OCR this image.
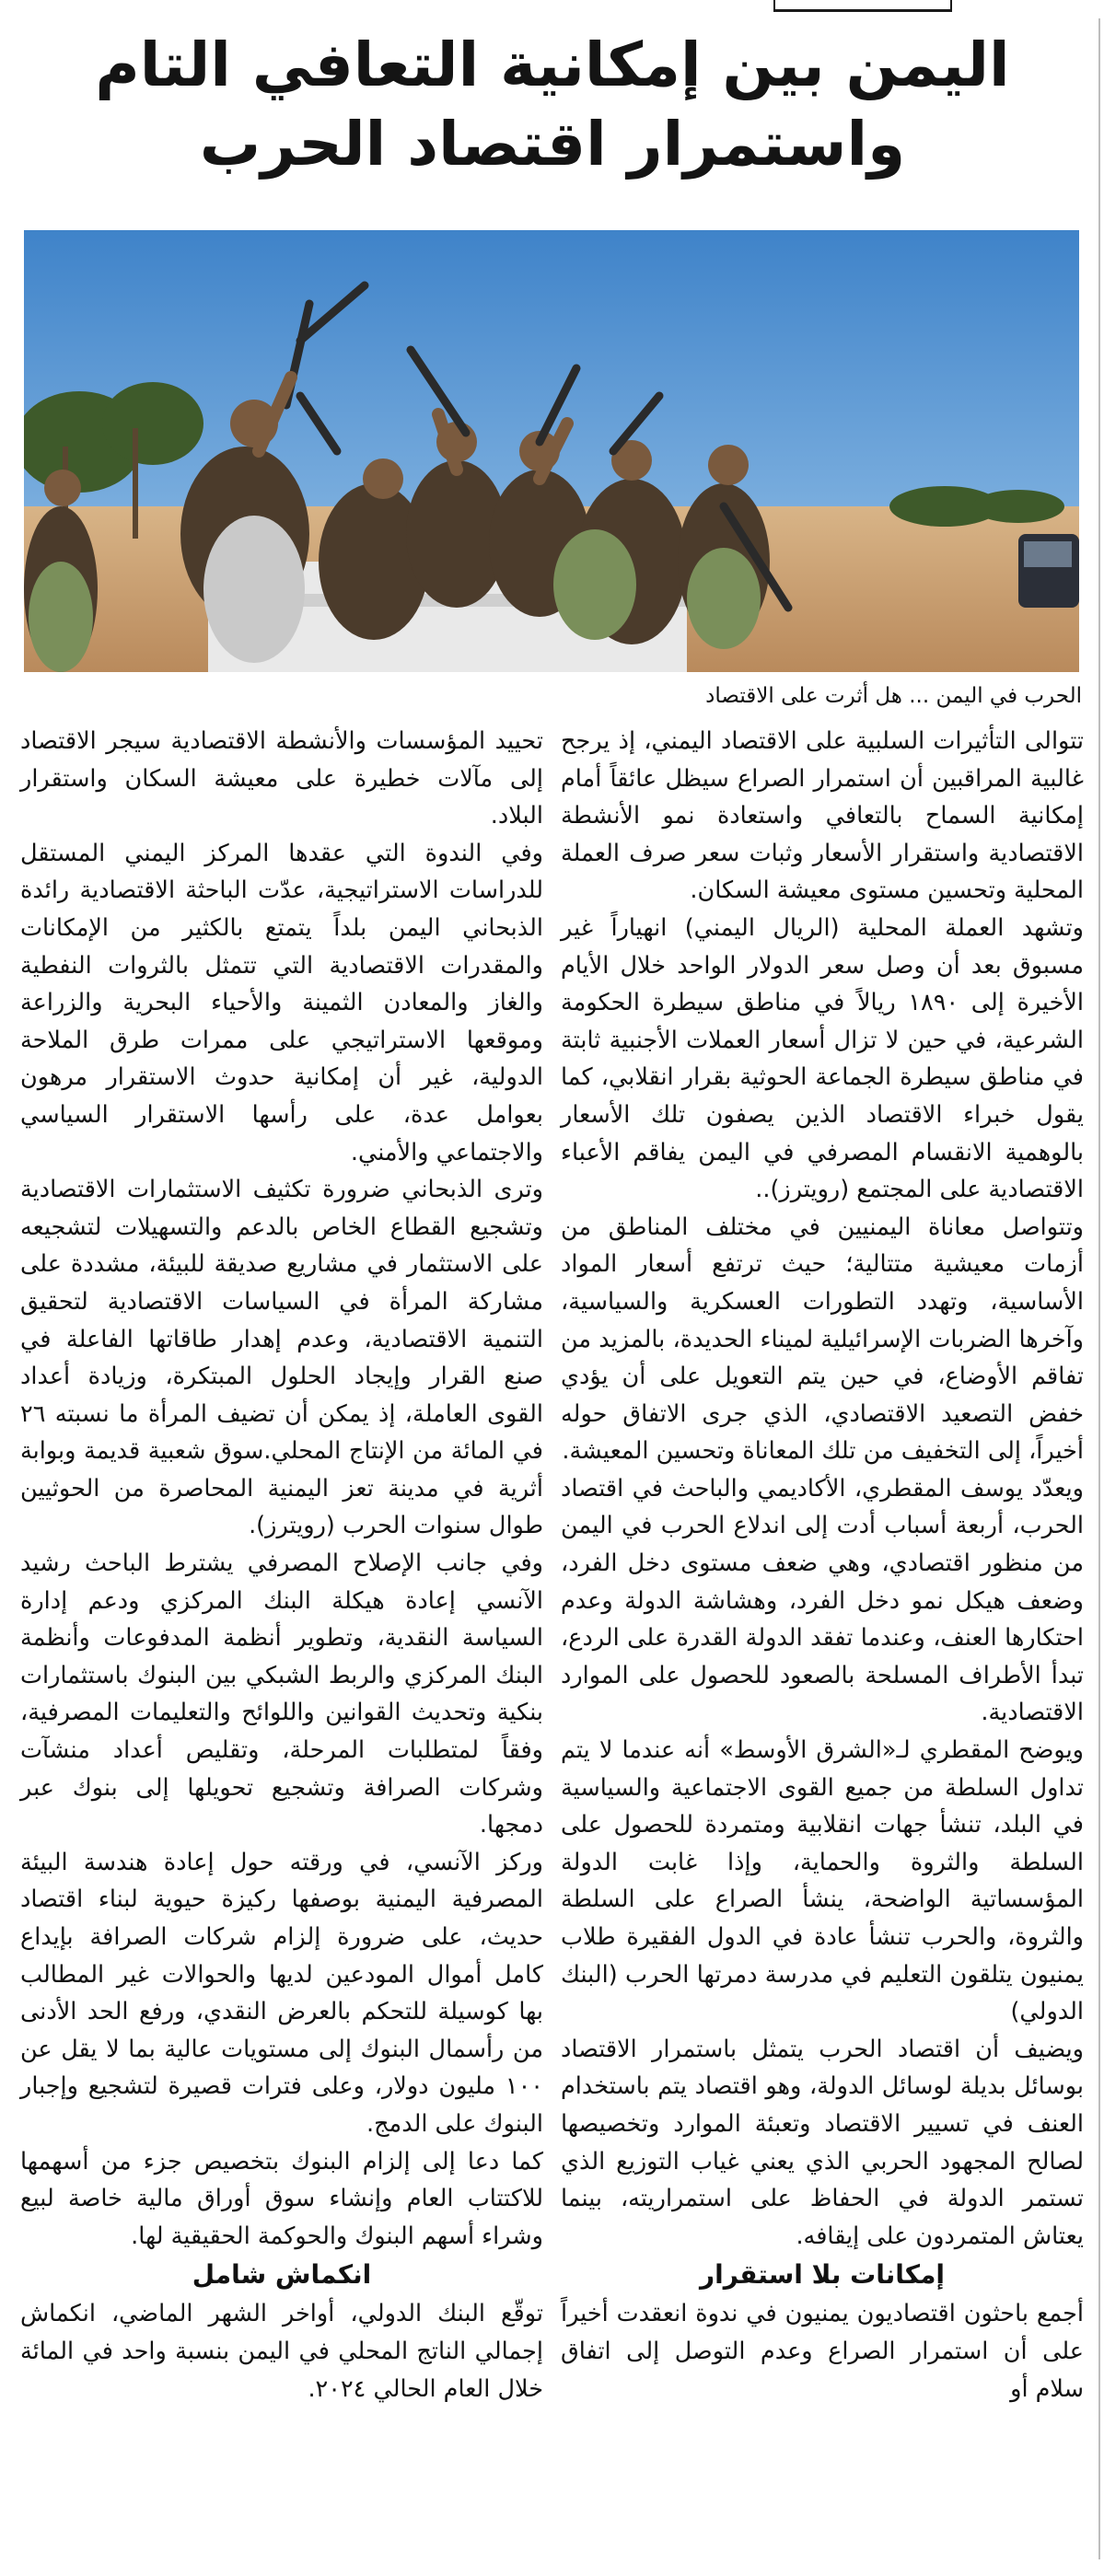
اليمن بين إمكانية التعافي التام
واستمرار اقتصاد الحرب
الحرب في اليمن ... هل أثرت على الاقتصاد

تتوالى التأثيرات السلبية على الاقتصاد اليمني، إذ يرجح غالبية المراقبين أن استمرار الصراع سيظل عائقاً أمام إمكانية السماح بالتعافي واستعادة نمو الأنشطة الاقتصادية واستقرار الأسعار وثبات سعر صرف العملة المحلية وتحسين مستوى معيشة السكان.

وتشهد العملة المحلية (الريال اليمني) انهياراً غير مسبوق بعد أن وصل سعر الدولار الواحد خلال الأيام الأخيرة إلى ١٨٩٠ ريالاً في مناطق سيطرة الحكومة الشرعية، في حين لا تزال أسعار العملات الأجنبية ثابتة في مناطق سيطرة الجماعة الحوثية بقرار انقلابي، كما يقول خبراء الاقتصاد الذين يصفون تلك الأسعار بالوهمية الانقسام المصرفي في اليمن يفاقم الأعباء الاقتصادية على المجتمع (رويترز)..

وتتواصل معاناة اليمنيين في مختلف المناطق من أزمات معيشية متتالية؛ حيث ترتفع أسعار المواد الأساسية، وتهدد التطورات العسكرية والسياسية، وآخرها الضربات الإسرائيلية لميناء الحديدة، بالمزيد من تفاقم الأوضاع، في حين يتم التعويل على أن يؤدي خفض التصعيد الاقتصادي، الذي جرى الاتفاق حوله أخيراً، إلى التخفيف من تلك المعاناة وتحسين المعيشة.

ويعدّد يوسف المقطري، الأكاديمي والباحث في اقتصاد الحرب، أربعة أسباب أدت إلى اندلاع الحرب في اليمن من منظور اقتصادي، وهي ضعف مستوى دخل الفرد، وضعف هيكل نمو دخل الفرد، وهشاشة الدولة وعدم احتكارها العنف، وعندما تفقد الدولة القدرة على الردع، تبدأ الأطراف المسلحة بالصعود للحصول على الموارد الاقتصادية.

ويوضح المقطري لـ«الشرق الأوسط» أنه عندما لا يتم تداول السلطة من جميع القوى الاجتماعية والسياسية في البلد، تنشأ جهات انقلابية ومتمردة للحصول على السلطة والثروة والحماية، وإذا غابت الدولة المؤسساتية الواضحة، ينشأ الصراع على السلطة والثروة، والحرب تنشأ عادة في الدول الفقيرة طلاب يمنيون يتلقون التعليم في مدرسة دمرتها الحرب (البنك الدولي)

ويضيف أن اقتصاد الحرب يتمثل باستمرار الاقتصاد بوسائل بديلة لوسائل الدولة، وهو اقتصاد يتم باستخدام العنف في تسيير الاقتصاد وتعبئة الموارد وتخصيصها لصالح المجهود الحربي الذي يعني غياب التوزيع الذي تستمر الدولة في الحفاظ على استمراريته، بينما يعتاش المتمردون على إيقافه.

إمكانات بلا استقرار

أجمع باحثون اقتصاديون يمنيون في ندوة انعقدت أخيراً على أن استمرار الصراع وعدم التوصل إلى اتفاق سلام أو

تحييد المؤسسات والأنشطة الاقتصادية سيجر الاقتصاد إلى مآلات خطيرة على معيشة السكان واستقرار البلاد.

وفي الندوة التي عقدها المركز اليمني المستقل للدراسات الاستراتيجية، عدّت الباحثة الاقتصادية رائدة الذبحاني اليمن بلداً يتمتع بالكثير من الإمكانات والمقدرات الاقتصادية التي تتمثل بالثروات النفطية والغاز والمعادن الثمينة والأحياء البحرية والزراعة وموقعها الاستراتيجي على ممرات طرق الملاحة الدولية، غير أن إمكانية حدوث الاستقرار مرهون بعوامل عدة، على رأسها الاستقرار السياسي والاجتماعي والأمني.

وترى الذبحاني ضرورة تكثيف الاستثمارات الاقتصادية وتشجيع القطاع الخاص بالدعم والتسهيلات لتشجيعه على الاستثمار في مشاريع صديقة للبيئة، مشددة على مشاركة المرأة في السياسات الاقتصادية لتحقيق التنمية الاقتصادية، وعدم إهدار طاقاتها الفاعلة في صنع القرار وإيجاد الحلول المبتكرة، وزيادة أعداد القوى العاملة، إذ يمكن أن تضيف المرأة ما نسبته ٢٦ في المائة من الإنتاج المحلي.سوق شعبية قديمة وبوابة أثرية في مدينة تعز اليمنية المحاصرة من الحوثيين طوال سنوات الحرب (رويترز).

وفي جانب الإصلاح المصرفي يشترط الباحث رشيد الآنسي إعادة هيكلة البنك المركزي ودعم إدارة السياسة النقدية، وتطوير أنظمة المدفوعات وأنظمة البنك المركزي والربط الشبكي بين البنوك باستثمارات بنكية وتحديث القوانين واللوائح والتعليمات المصرفية، وفقاً لمتطلبات المرحلة، وتقليص أعداد منشآت وشركات الصرافة وتشجيع تحويلها إلى بنوك عبر دمجها.

وركز الآنسي، في ورقته حول إعادة هندسة البيئة المصرفية اليمنية بوصفها ركيزة حيوية لبناء اقتصاد حديث، على ضرورة إلزام شركات الصرافة بإيداع كامل أموال المودعين لديها والحوالات غير المطالب بها كوسيلة للتحكم بالعرض النقدي، ورفع الحد الأدنى من رأسمال البنوك إلى مستويات عالية بما لا يقل عن ١٠٠ مليون دولار، وعلى فترات قصيرة لتشجيع وإجبار البنوك على الدمج.

كما دعا إلى إلزام البنوك بتخصيص جزء من أسهمها للاكتتاب العام وإنشاء سوق أوراق مالية خاصة لبيع وشراء أسهم البنوك والحوكمة الحقيقية لها.

انكماش شامل

توقّع البنك الدولي، أواخر الشهر الماضي، انكماش إجمالي الناتج المحلي في اليمن بنسبة واحد في المائة خلال العام الحالي ٢٠٢٤.
